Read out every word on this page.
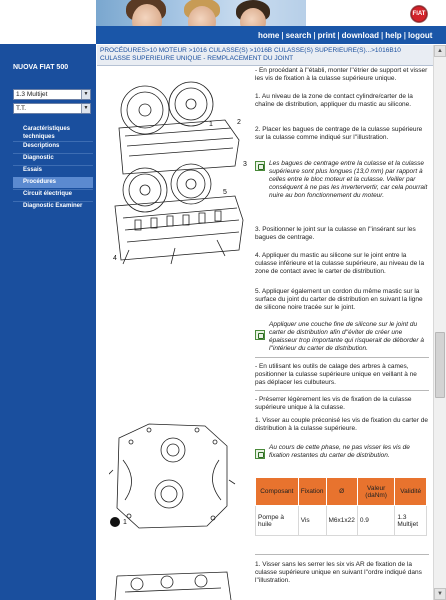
FIAT
home | search | print | download | help | logout
NUOVA FIAT 500
1.3 Multijet	▼
T.T.	▼
Caractéristiques techniques
Descriptions
Diagnostic
Essais
Procédures
Circuit électrique
Diagnostic Examiner
PROCÉDURES>10 MOTEUR >1016 CULASSE(S) >1016B CULASSE(S) SUPERIEURE(S)...>1016B10 CULASSE SUPERIEURE UNIQUE - REMPLACEMENT DU JOINT
▲
▼
1	2
3
4
5
1
- En procédant à l''établi, monter l''étrier de support et visser les vis de fixation à la culasse supérieure unique.
1. Au niveau de la zone de contact cylindre/carter de la chaîne de distribution, appliquer du mastic au silicone.
2. Placer les bagues de centrage de la culasse supérieure sur la culasse comme indiqué sur l''illustration.
Les bagues de centrage entre la culasse et la culasse supérieure sont plus longues (13,0 mm) par rapport à celles entre le bloc moteur et la culasse. Veiller par conséquent à ne pas les invertervertir, car cela pourrait nuire au bon fonctionnement du moteur.
3. Positionner le joint sur la culasse en l''insérant sur les bagues de centrage.
4. Appliquer du mastic au silicone sur le joint entre la culasse inférieure et la culasse supérieure, au niveau de la zone de contact avec le carter de distribution.
5. Appliquer également un cordon du même mastic sur la surface du joint du carter de distribution en suivant la ligne de silicone noire tracée sur le joint.
Appliquer une couche fine de silicone sur le joint du carter de distribution afin d''éviter de créer une épaisseur trop importante qui risquerait de déborder à l''intérieur du carter de distribution.
- En utilisant les outils de calage des arbres à cames, positionner la culasse supérieure unique en veillant à ne pas déplacer les culbuteurs.
- Préserrer légèrement les vis de fixation de la culasse supérieure unique à la culasse.
1. Visser au couple préconisé les vis de fixation du carter de distribution à la culasse supérieure.
Au cours de cette phase, ne pas visser les vis de fixation restantes du carter de distribution.
Composant	Fixation	Ø	Valeur (daNm)	Validité
Pompe à huile	Vis	M6x1x22	0.9	1.3 Multijet
1. Visser sans les serrer les six vis AR de fixation de la culasse supérieure unique en suivant l''ordre indiqué dans l''illustration.
